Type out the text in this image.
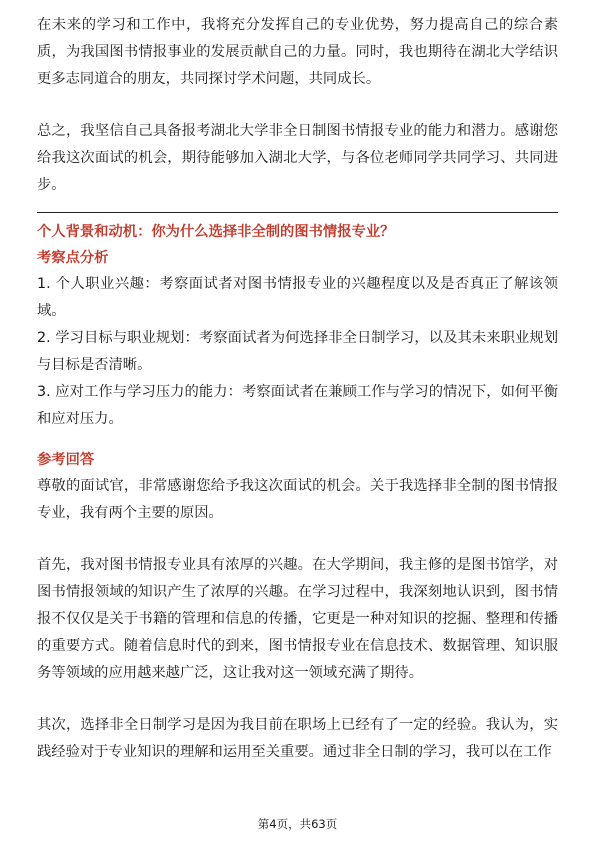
在未来的学习和工作中，我将充分发挥自己的专业优势，努力提高自己的综合素质，为我国图书情报事业的发展贡献自己的力量。同时，我也期待在湖北大学结识更多志同道合的朋友，共同探讨学术问题，共同成长。

总之，我坚信自己具备报考湖北大学非全日制图书情报专业的能力和潜力。感谢您给我这次面试的机会，期待能够加入湖北大学，与各位老师同学共同学习、共同进步。

个人背景和动机：你为什么选择非全制的图书情报专业？

考察点分析

1. 个人职业兴趣：考察面试者对图书情报专业的兴趣程度以及是否真正了解该领域。

2. 学习目标与职业规划：考察面试者为何选择非全日制学习，以及其未来职业规划与目标是否清晰。

3. 应对工作与学习压力的能力：考察面试者在兼顾工作与学习的情况下，如何平衡和应对压力。

参考回答

尊敬的面试官，非常感谢您给予我这次面试的机会。关于我选择非全制的图书情报专业，我有两个主要的原因。

首先，我对图书情报专业具有浓厚的兴趣。在大学期间，我主修的是图书馆学，对图书情报领域的知识产生了浓厚的兴趣。在学习过程中，我深刻地认识到，图书情报不仅仅是关于书籍的管理和信息的传播，它更是一种对知识的挖掘、整理和传播的重要方式。随着信息时代的到来，图书情报专业在信息技术、数据管理、知识服务等领域的应用越来越广泛，这让我对这一领域充满了期待。

其次，选择非全日制学习是因为我目前在职场上已经有了一定的经验。我认为，实践经验对于专业知识的理解和运用至关重要。通过非全日制的学习，我可以在工作

第4页，共63页
